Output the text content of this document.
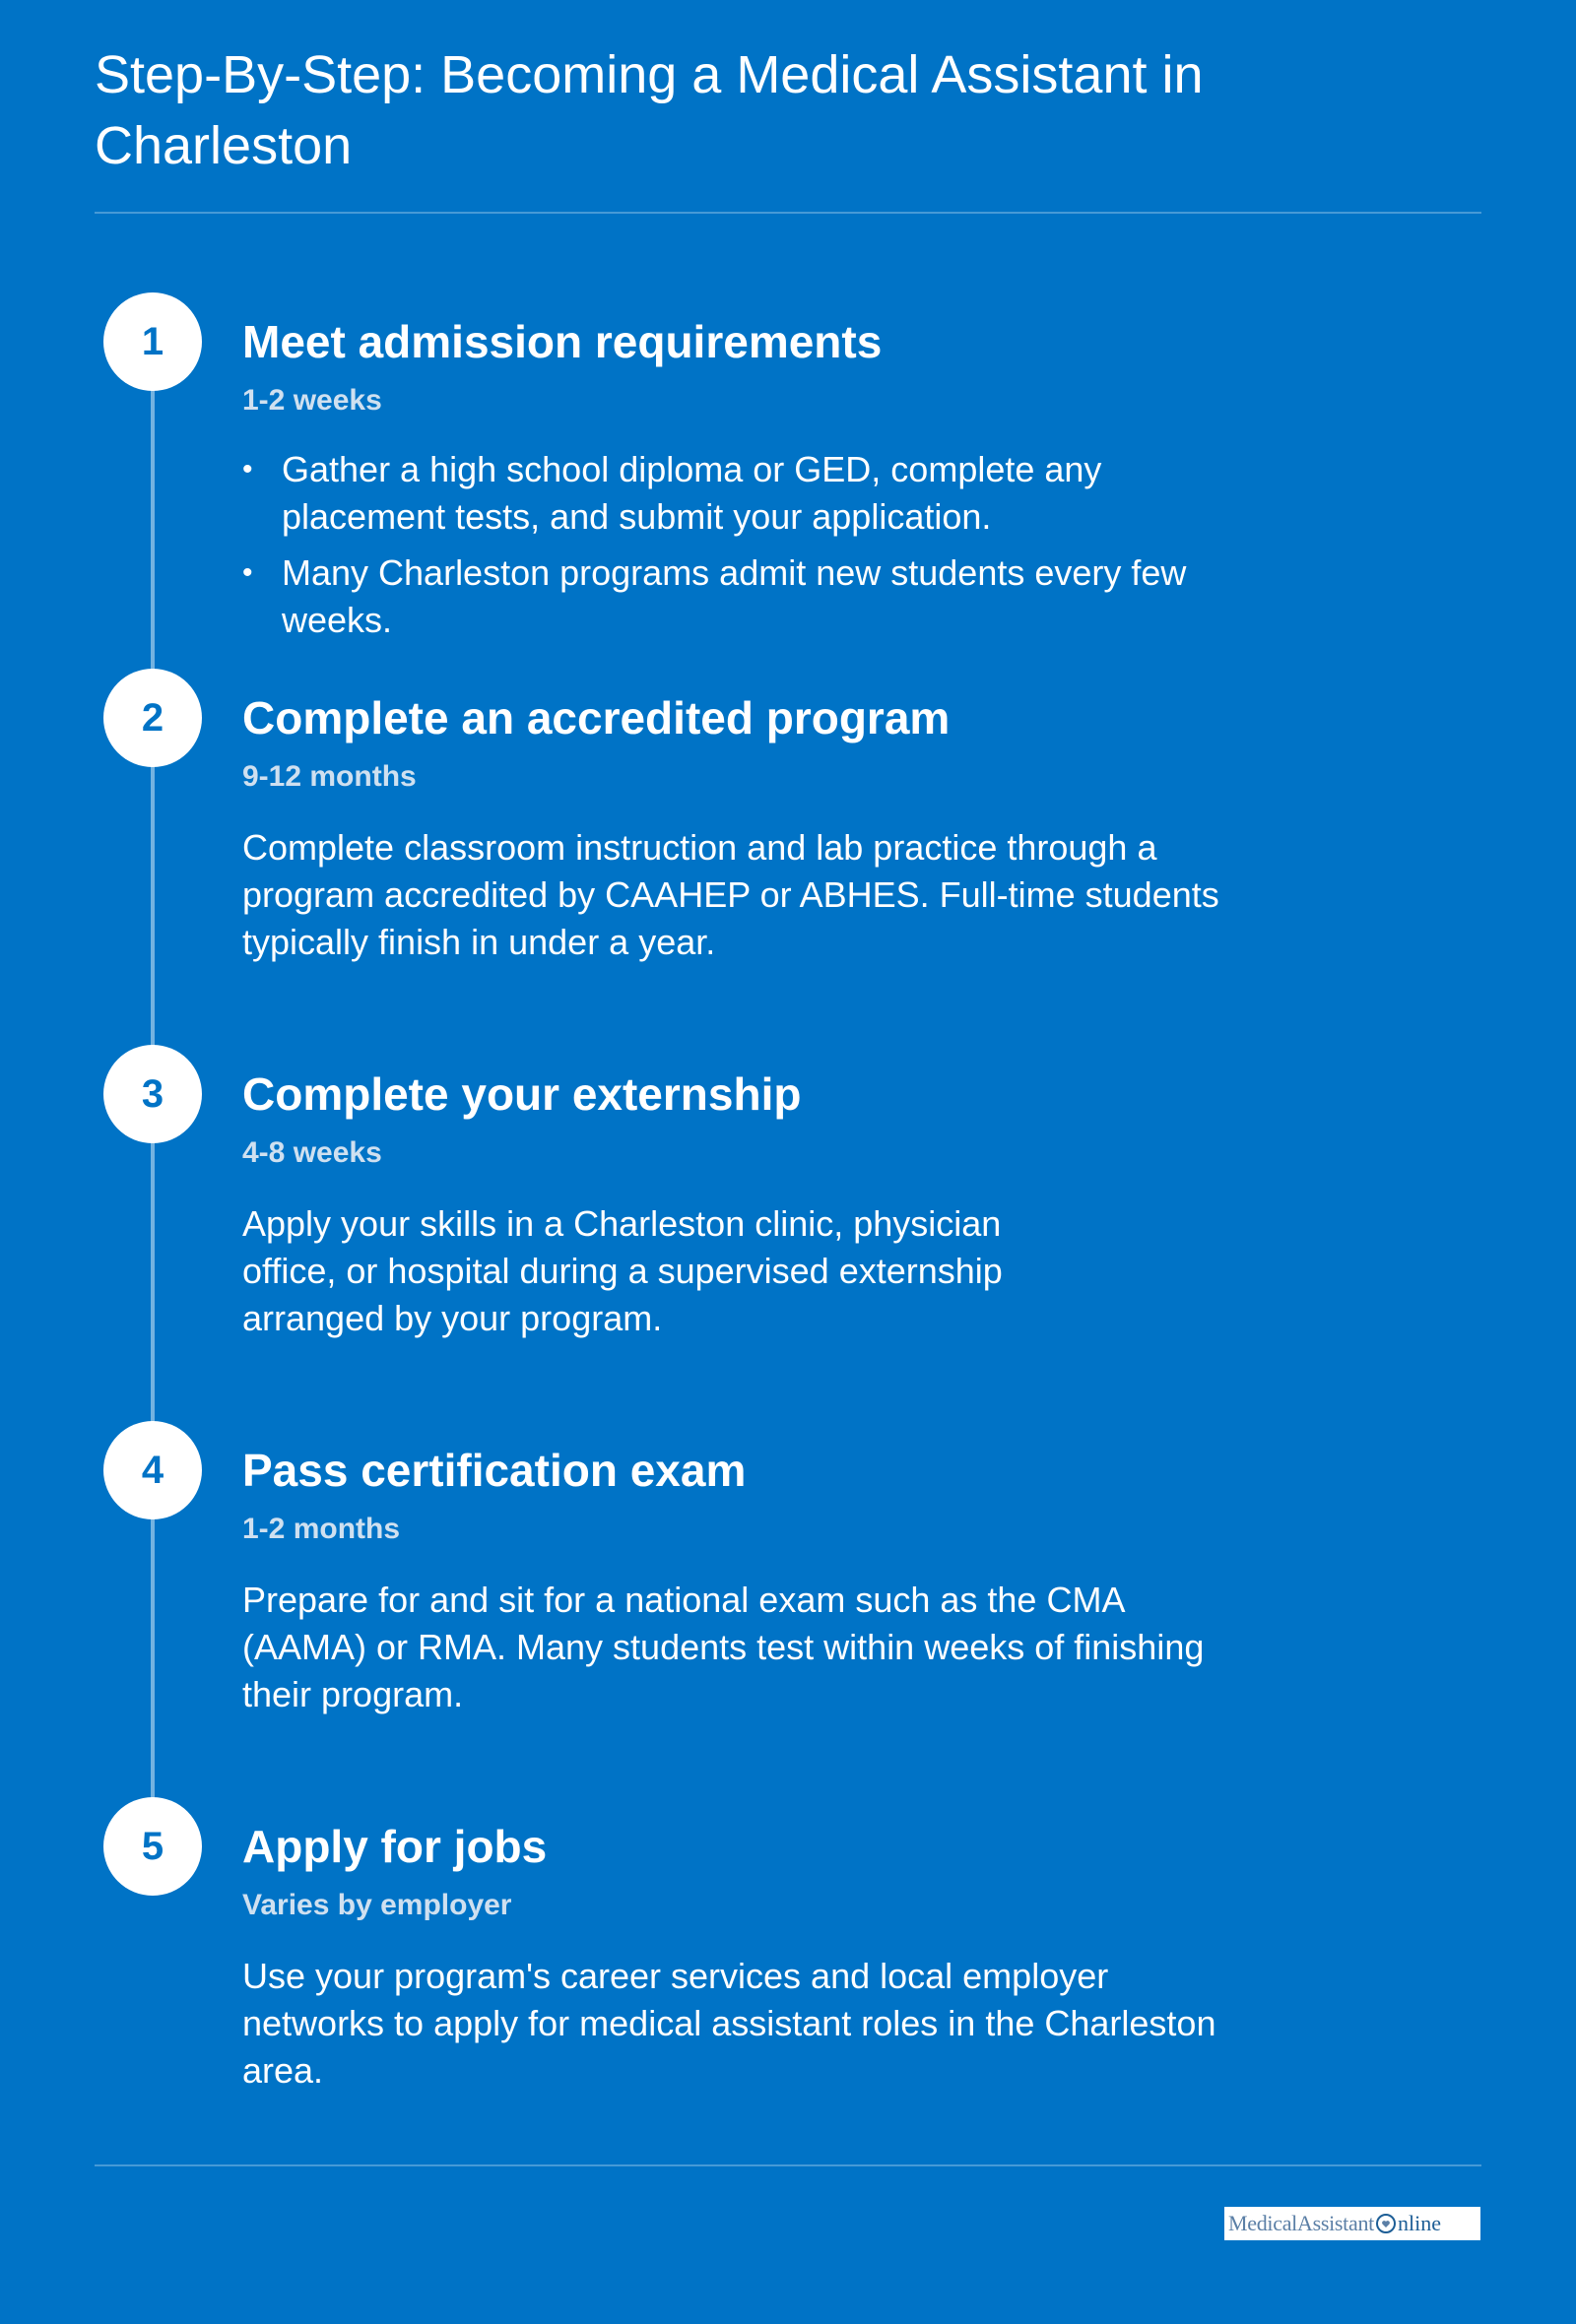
Step-By-Step: Becoming a Medical Assistant in Charleston
1	Meet admission requirements
1-2 weeks
• Gather a high school diploma or GED, complete any placement tests, and submit your application.
• Many Charleston programs admit new students every few weeks.
2	Complete an accredited program
9-12 months
Complete classroom instruction and lab practice through a program accredited by CAAHEP or ABHES. Full-time students typically finish in under a year.
3	Complete your externship
4-8 weeks
Apply your skills in a Charleston clinic, physician office, or hospital during a supervised externship arranged by your program.
4	Pass certification exam
1-2 months
Prepare for and sit for a national exam such as the CMA (AAMA) or RMA. Many students test within weeks of finishing their program.
5	Apply for jobs
Varies by employer
Use your program's career services and local employer networks to apply for medical assistant roles in the Charleston area.
MedicalAssistant nline
